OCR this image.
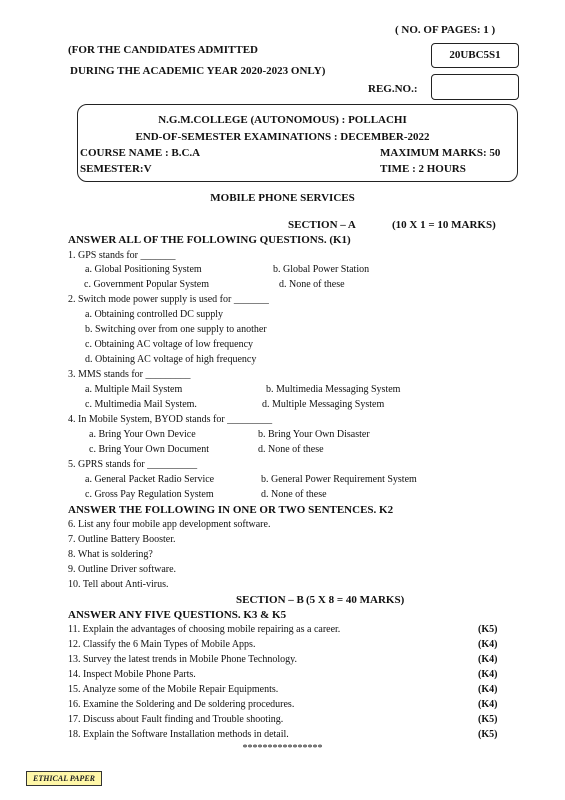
( NO. OF PAGES: 1 )
(FOR THE CANDIDATES ADMITTED
DURING THE ACADEMIC YEAR 2020-2023 ONLY)
20UBC5S1
REG.NO.:
N.G.M.COLLEGE (AUTONOMOUS) : POLLACHI
END-OF-SEMESTER EXAMINATIONS : DECEMBER-2022
COURSE NAME : B.C.A	MAXIMUM MARKS: 50
SEMESTER:V	TIME : 2 HOURS
MOBILE PHONE SERVICES
SECTION – A	(10 X 1 = 10 MARKS)
ANSWER ALL OF THE FOLLOWING QUESTIONS. (K1)
1. GPS stands for _______
a. Global Positioning System	b. Global Power Station
c. Government Popular System	d. None of these
2. Switch mode power supply is used for _______
a. Obtaining controlled DC supply
b. Switching over from one supply to another
c. Obtaining AC voltage of low frequency
d. Obtaining AC voltage of high frequency
3. MMS stands for _________
a. Multiple Mail System	b. Multimedia Messaging System
c. Multimedia Mail System.	d. Multiple Messaging System
4. In Mobile System, BYOD stands for _________
a. Bring Your Own Device	b. Bring Your Own Disaster
c. Bring Your Own Document	d. None of these
5. GPRS stands for __________
a. General Packet Radio Service	b. General Power Requirement System
c. Gross Pay Regulation System	d. None of these
ANSWER THE FOLLOWING IN ONE OR TWO SENTENCES. K2
6. List any four mobile app development software.
7. Outline Battery Booster.
8. What is soldering?
9. Outline Driver software.
10. Tell about Anti-virus.
SECTION – B (5 X 8 = 40 MARKS)
ANSWER ANY FIVE QUESTIONS. K3 & K5
11. Explain the advantages of choosing mobile repairing as a career.	(K5)
12. Classify the 6 Main Types of Mobile Apps.	(K4)
13. Survey the latest trends in Mobile Phone Technology.	(K4)
14. Inspect Mobile Phone Parts.	(K4)
15. Analyze some of the Mobile Repair Equipments.	(K4)
16. Examine the Soldering and De soldering procedures.	(K4)
17. Discuss about Fault finding and Trouble shooting.	(K5)
18. Explain the Software Installation methods in detail.	(K5)
****************
ETHICAL PAPER
